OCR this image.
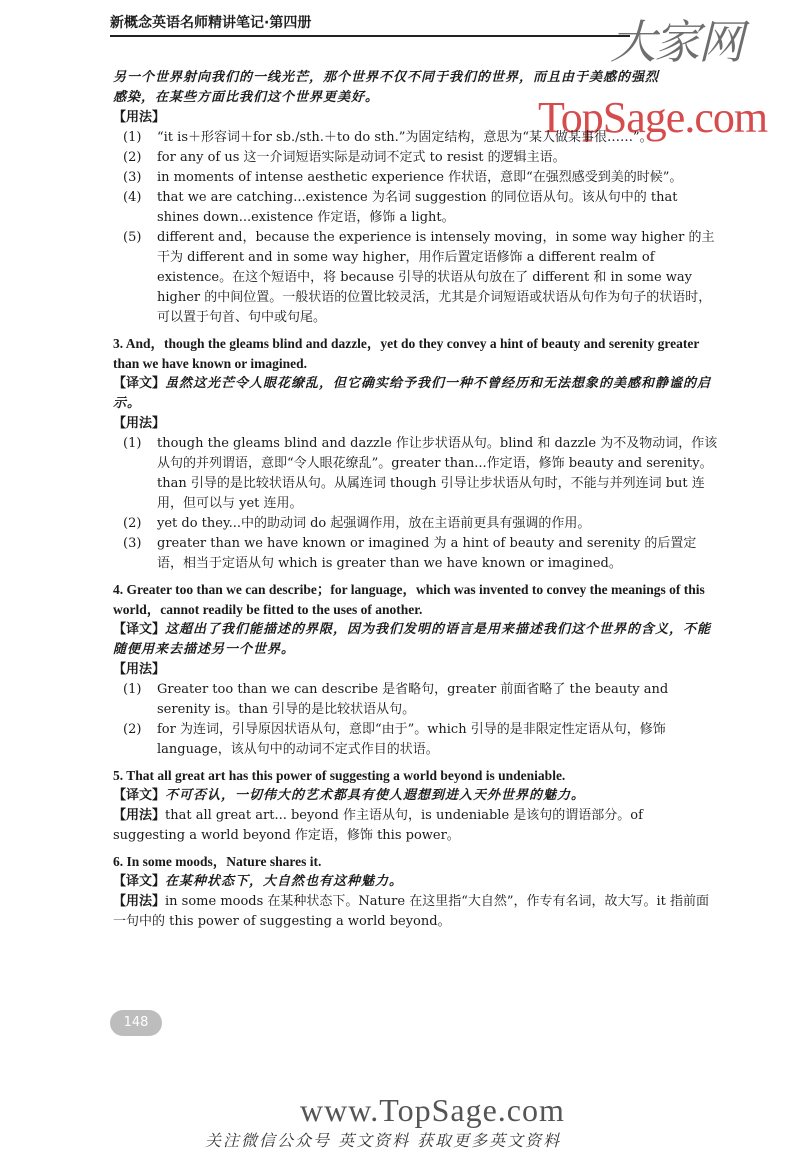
新概念英语名师精讲笔记·第四册	大家网
TopSage.com

另一个世界射向我们的一线光芒，那个世界不仅不同于我们的世界，而且由于美感的强烈

感染，在某些方面比我们这个世界更美好。

【用法】

(1)	“it is＋形容词＋for sb./sth.＋to do sth.”为固定结构，意思为“某人做某事很……”。
(2)	for any of us 这一介词短语实际是动词不定式 to resist 的逻辑主语。
(3)	in moments of intense aesthetic experience 作状语，意即“在强烈感受到美的时候”。
(4)	that we are catching...existence 为名词 suggestion 的同位语从句。该从句中的 that shines down...existence 作定语，修饰 a light。
(5)	different and，because the experience is intensely moving，in some way higher 的主干为 different and in some way higher，用作后置定语修饰 a different realm of existence。在这个短语中，将 because 引导的状语从句放在了 different 和 in some way higher 的中间位置。一般状语的位置比较灵活，尤其是介词短语或状语从句作为句子的状语时，可以置于句首、句中或句尾。

3. And，though the gleams blind and dazzle，yet do they convey a hint of beauty and serenity greater than we have known or imagined.

【译文】虽然这光芒令人眼花缭乱，但它确实给予我们一种不曾经历和无法想象的美感和静谧的启示。

【用法】

(1)	though the gleams blind and dazzle 作让步状语从句。blind 和 dazzle 为不及物动词，作该从句的并列谓语，意即“令人眼花缭乱”。greater than...作定语，修饰 beauty and serenity。than 引导的是比较状语从句。从属连词 though 引导让步状语从句时，不能与并列连词 but 连用，但可以与 yet 连用。
(2)	yet do they...中的助动词 do 起强调作用，放在主语前更具有强调的作用。
(3)	greater than we have known or imagined 为 a hint of beauty and serenity 的后置定语，相当于定语从句 which is greater than we have known or imagined。

4. Greater too than we can describe；for language，which was invented to convey the meanings of this world，cannot readily be fitted to the uses of another.

【译文】这超出了我们能描述的界限，因为我们发明的语言是用来描述我们这个世界的含义，不能随便用来去描述另一个世界。

【用法】

(1)	Greater too than we can describe 是省略句，greater 前面省略了 the beauty and serenity is。than 引导的是比较状语从句。
(2)	for 为连词，引导原因状语从句，意即“由于”。which 引导的是非限定性定语从句，修饰 language，该从句中的动词不定式作目的状语。

5. That all great art has this power of suggesting a world beyond is undeniable.

【译文】不可否认，一切伟大的艺术都具有使人遐想到进入天外世界的魅力。

【用法】that all great art... beyond 作主语从句，is undeniable 是该句的谓语部分。of suggesting a world beyond 作定语，修饰 this power。

6. In some moods，Nature shares it.

【译文】在某种状态下，大自然也有这种魅力。

【用法】in some moods 在某种状态下。Nature 在这里指“大自然”，作专有名词，故大写。it 指前面一句中的 this power of suggesting a world beyond。

148
www.TopSage.com
关注微信公众号 英文资料 获取更多英文资料
